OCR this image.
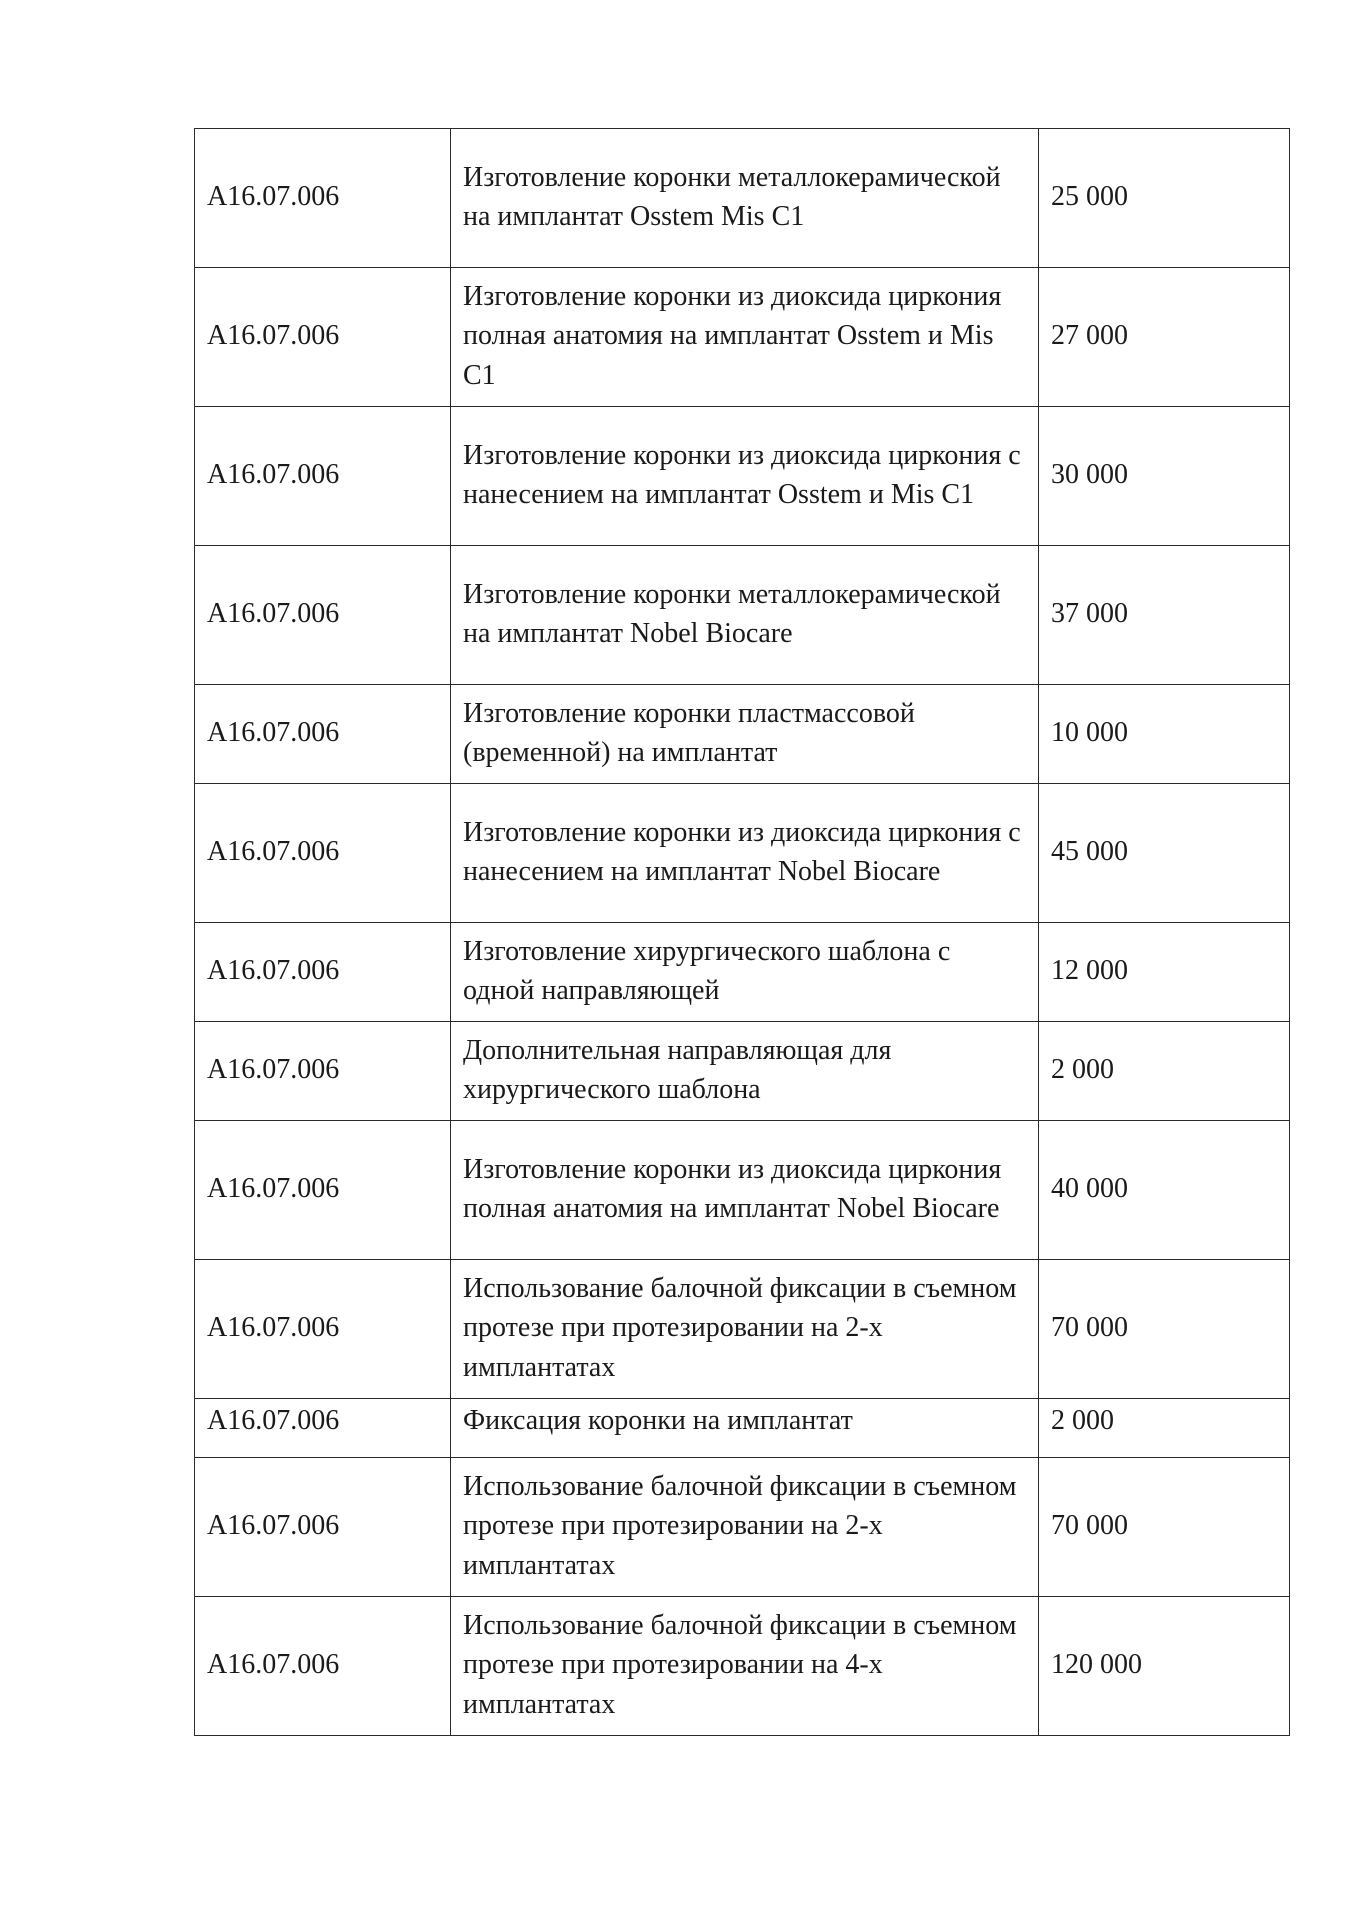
А16.07.006	Изготовление коронки металлокерамической на имплантат Osstem Mis C1	25 000
А16.07.006	Изготовление коронки из диоксида циркония полная анатомия на имплантат Osstem и Mis C1	27 000
А16.07.006	Изготовление коронки из диоксида циркония с нанесением на имплантат Osstem и Mis C1	30 000
А16.07.006	Изготовление коронки металлокерамической на имплантат Nobel Biocare	37 000
А16.07.006	Изготовление коронки пластмассовой (временной) на имплантат	10 000
А16.07.006	Изготовление коронки из диоксида циркония с нанесением на имплантат Nobel Biocare	45 000
А16.07.006	Изготовление хирургического шаблона с одной направляющей	12 000
А16.07.006	Дополнительная направляющая для хирургического шаблона	2 000
А16.07.006	Изготовление коронки из диоксида циркония полная анатомия на имплантат Nobel Biocare	40 000
А16.07.006	Использование балочной фиксации в съемном протезе при протезировании на 2-х имплантатах	70 000
А16.07.006	Фиксация коронки на имплантат	2 000
А16.07.006	Использование балочной фиксации в съемном протезе при протезировании на 2-х имплантатах	70 000
А16.07.006	Использование балочной фиксации в съемном протезе при протезировании на 4-х имплантатах	120 000
